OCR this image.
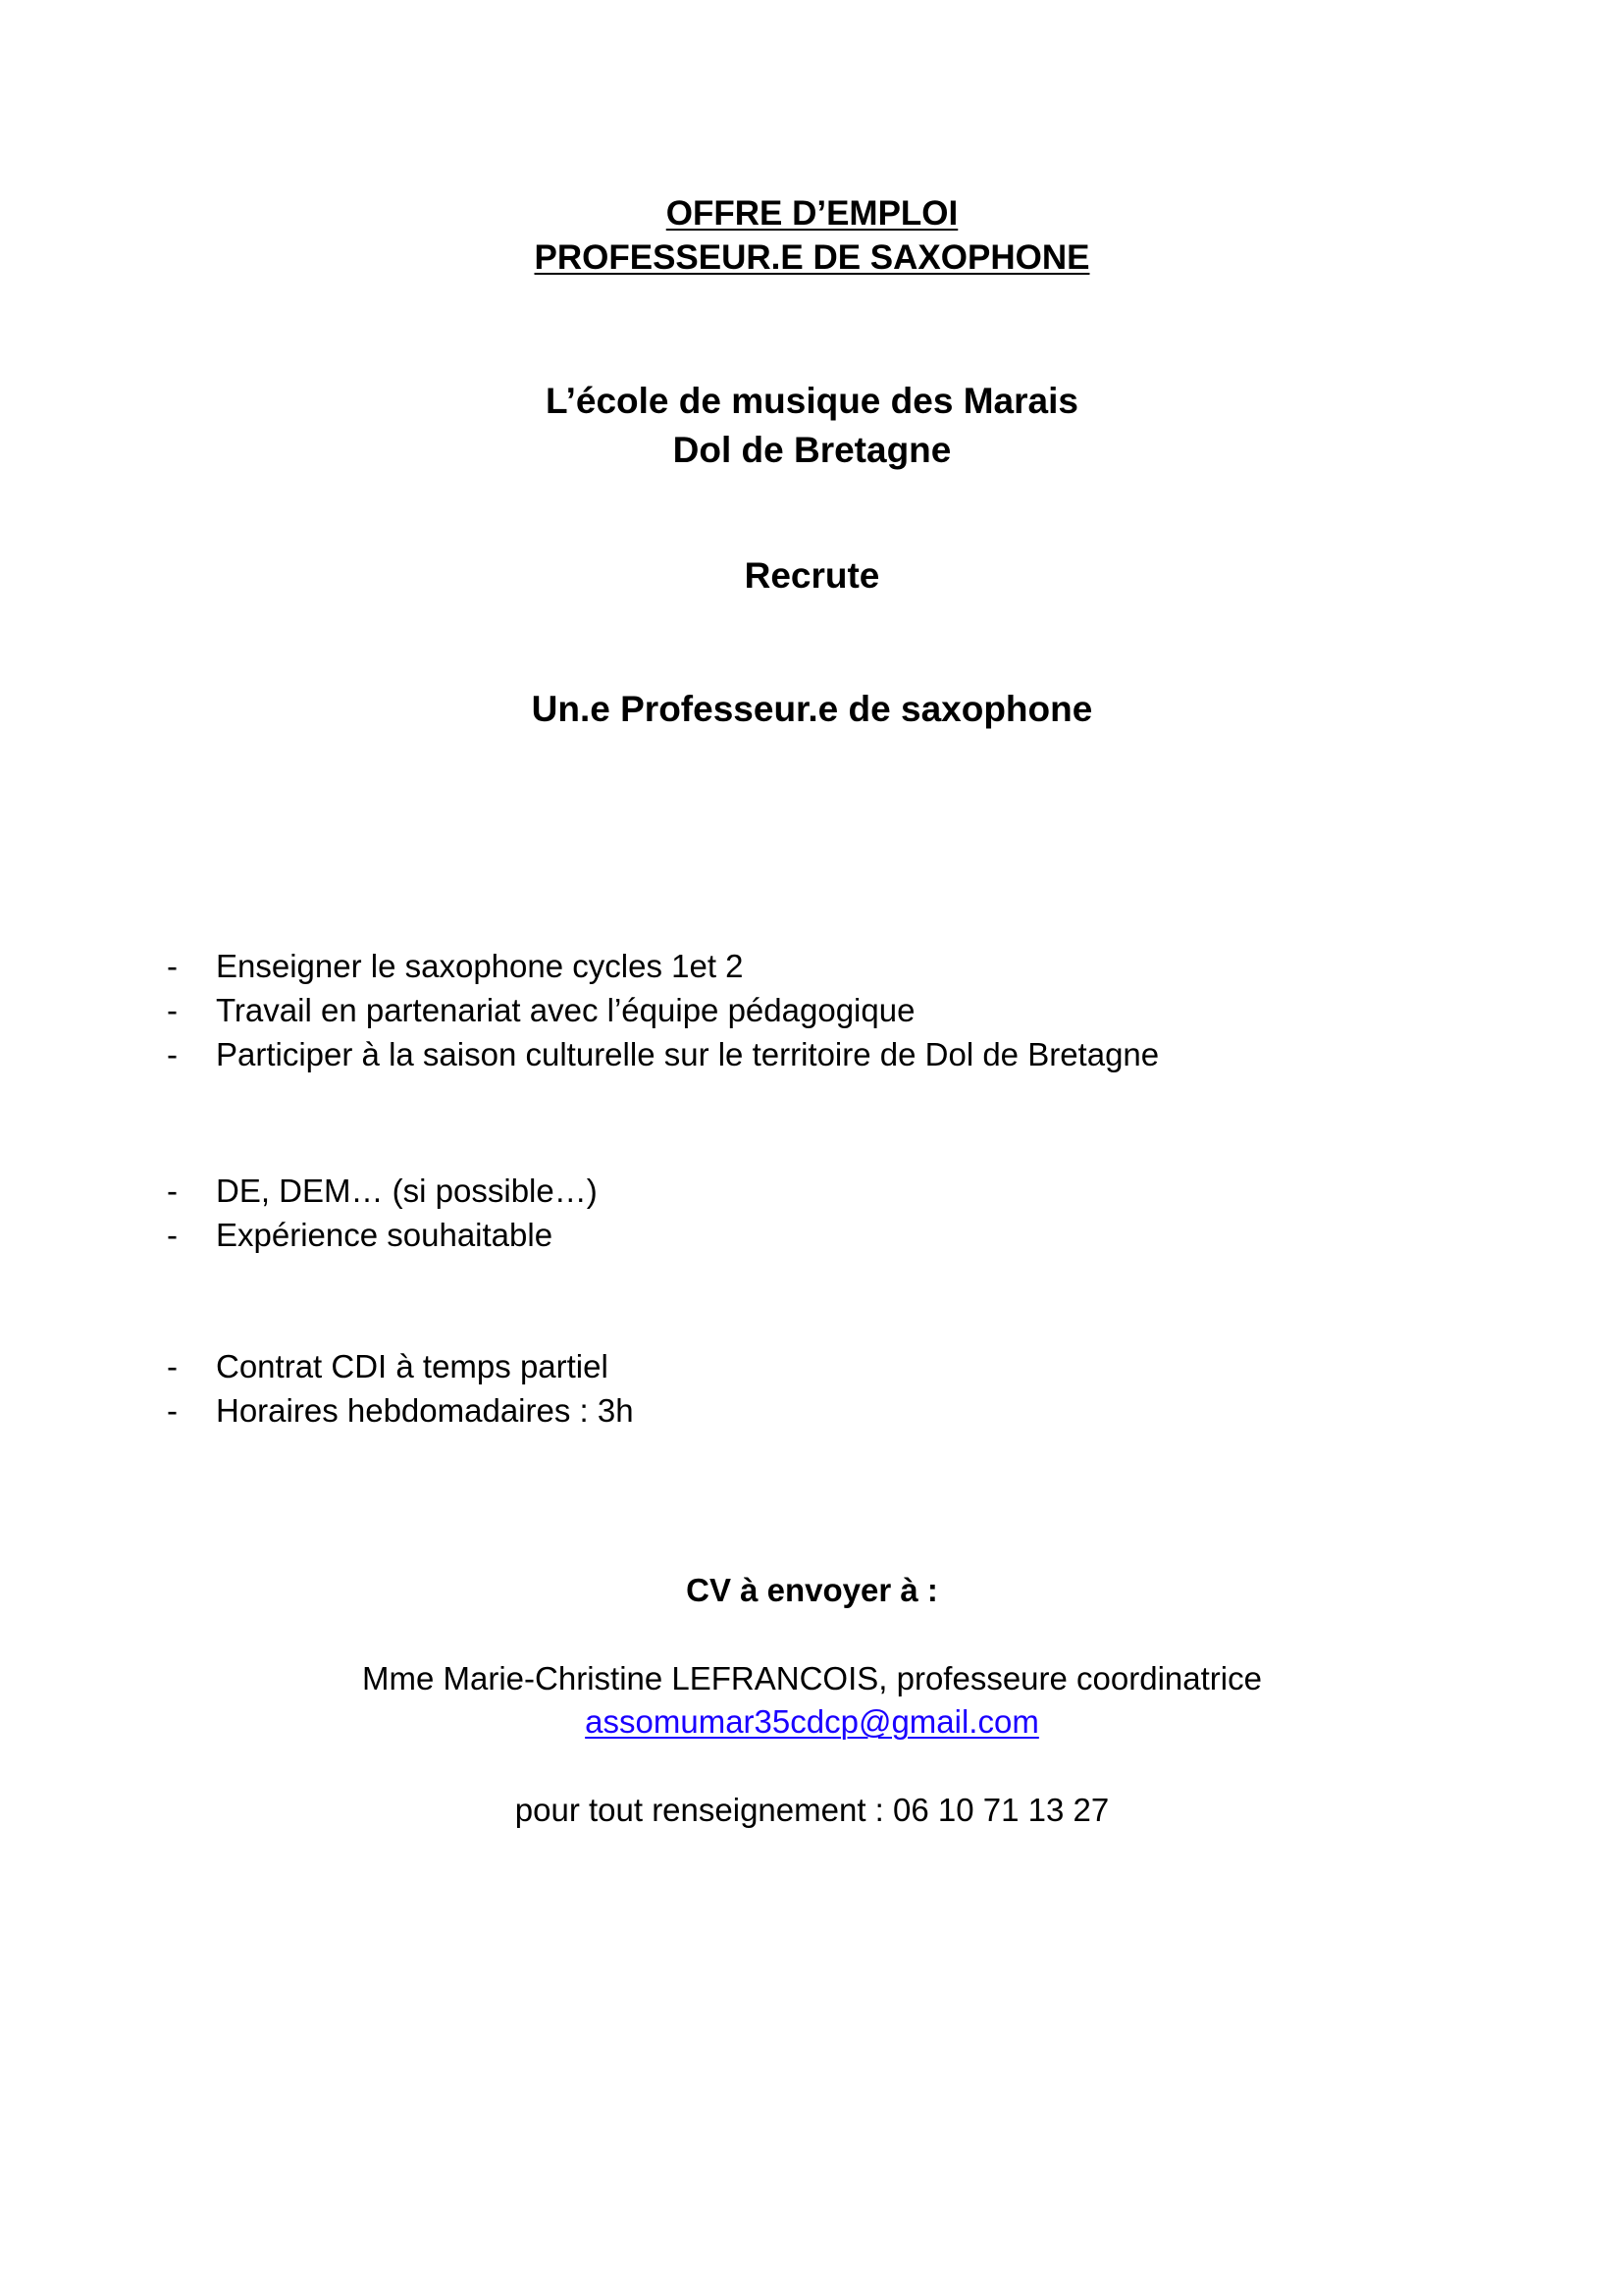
OFFRE D’EMPLOI

PROFESSEUR.E DE SAXOPHONE

L’école de musique des Marais

Dol de Bretagne

Recrute

Un.e Professeur.e de saxophone

-	Enseigner le saxophone cycles 1et 2
-	Travail en partenariat avec l’équipe pédagogique
-	Participer à la saison culturelle sur le territoire de Dol de Bretagne
-	DE, DEM… (si possible…)
-	Expérience souhaitable
-	Contrat CDI à temps partiel
-	Horaires hebdomadaires : 3h

CV à envoyer à :

Mme Marie-Christine LEFRANCOIS, professeure coordinatrice

assomumar35cdcp@gmail.com

pour tout renseignement : 06 10 71 13 27
